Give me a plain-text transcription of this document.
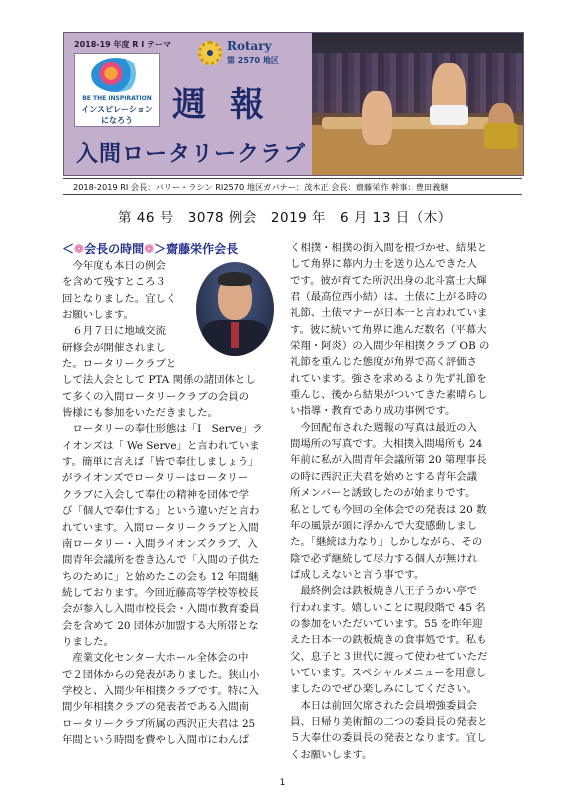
2018-19 年度 R I テーマ
BE THE INSPIRATION
インスピレーション
になろう
Rotary
第 2570 地区
週 報
入間ロータリークラブ
2018-2019 RI 会長：バリー・ラシン RI2570 地区ガバナー：茂木正 会長：齋藤栄作 幹事：豊田義継
第 46 号　3078 例会　2019 年　6 月 13 日（木）
＜❁会長の時間❁＞齋藤栄作会長
　今年度も本日の例会
を含めて残すところ３
回となりました。宜しく
お願いします。
　６月７日に地域交流
研修会が開催されまし
た。ロータリークラブと
して法人会として PTA 関係の諸団体とし
て多くの入間ロータリークラブの会員の
皆様にも参加をいただきました。
　ロータリーの奉仕形態は「I　Serve」ラ
イオンズは「 We Serve」と言われていま
す。簡単に言えば「皆で奉仕しましょう」
がライオンズでロータリーはロータリー
クラブに入会して奉仕の精神を団体で学
び「個人で奉仕する」という違いだと言わ
れています。入間ロータリークラブと入間
南ロータリー・入間ライオンズクラブ、入
間青年会議所を巻き込んで「入間の子供た
ちのために」と始めたこの会も 12 年間継
続しております。今回近藤高等学校等校長
会が参入し入間市校長会・入間市教育委員
会を含めて 20 団体が加盟する大所帯とな
りました。
　産業文化センター大ホール全体会の中
で２団体からの発表がありました。狭山小
学校と、入間少年相撲クラブです。特に入
間少年相撲クラブの発表者である入間南
ロータリークラブ所属の西沢正夫君は 25
年間という時間を費やし入間市にわんぱ
く相撲・相撲の街入間を根づかせ、結果と
して角界に幕内力士を送り込んできた人
です。彼が育てた所沢出身の北斗富士大輝
君（最高位西小結）は、土俵に上がる時の
礼節、土俵マナーが日本一と言われていま
す。彼に続いて角界に進んだ数名（平幕大
栄翔・阿炎）の入間少年相撲クラブ OB の
礼節を重んじた態度が角界で高く評価さ
れています。強さを求めるより先ず礼節を
重んじ、後から結果がついてきた素晴らし
い指導・教育であり成功事例です。
　今回配布された週報の写真は最近の入
間場所の写真です。大相撲入間場所も 24
年前に私が入間青年会議所第 20 第理事長
の時に西沢正夫君を始めとする青年会議
所メンバーと誘致したのが始まりです。
私としても今回の全体会での発表は 20 数
年の風景が頭に浮かんで大変感動しまし
た。「継続は力なり」しかしながら、その
陰で必ず継続して尽力する個人が無けれ
ば成しえないと言う事です。
　最終例会は鉄板焼き八王子うかい亭で
行われます。嬉しいことに現段階で 45 名
の参加をいただいています。55 を昨年迎
えた日本一の鉄板焼きの食事処です。私も
父、息子と３世代に渡って使わせていただ
いています。スペシャルメニューを用意し
ましたのでぜひ楽しみにしてください。
　本日は前回欠席された会員増強委員会
員、日帰り美術館の二つの委員長の発表と
５大奉仕の委員長の発表となります。宜し
くお願いします。
1
